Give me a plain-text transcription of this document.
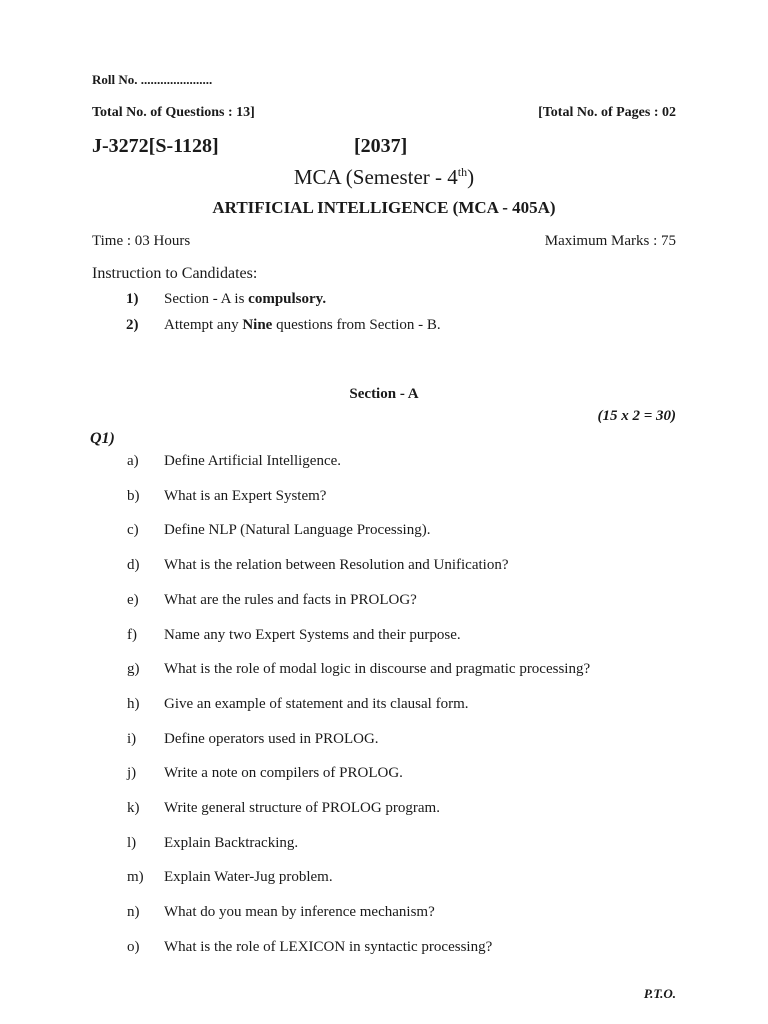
Roll No. ......................
Total No. of Questions : 13]	[Total No. of Pages : 02
J-3272[S-1128]	[2037]
MCA (Semester - 4th)
ARTIFICIAL INTELLIGENCE (MCA - 405A)
Time : 03 Hours	Maximum Marks : 75
Instruction to Candidates:
1) Section - A is compulsory.
2) Attempt any Nine questions from Section - B.
Section - A
(15 x 2 = 30)
Q1)
a) Define Artificial Intelligence.
b) What is an Expert System?
c) Define NLP (Natural Language Processing).
d) What is the relation between Resolution and Unification?
e) What are the rules and facts in PROLOG?
f) Name any two Expert Systems and their purpose.
g) What is the role of modal logic in discourse and pragmatic processing?
h) Give an example of statement and its clausal form.
i) Define operators used in PROLOG.
j) Write a note on compilers of PROLOG.
k) Write general structure of PROLOG program.
l) Explain Backtracking.
m) Explain Water-Jug problem.
n) What do you mean by inference mechanism?
o) What is the role of LEXICON in syntactic processing?
P.T.O.
